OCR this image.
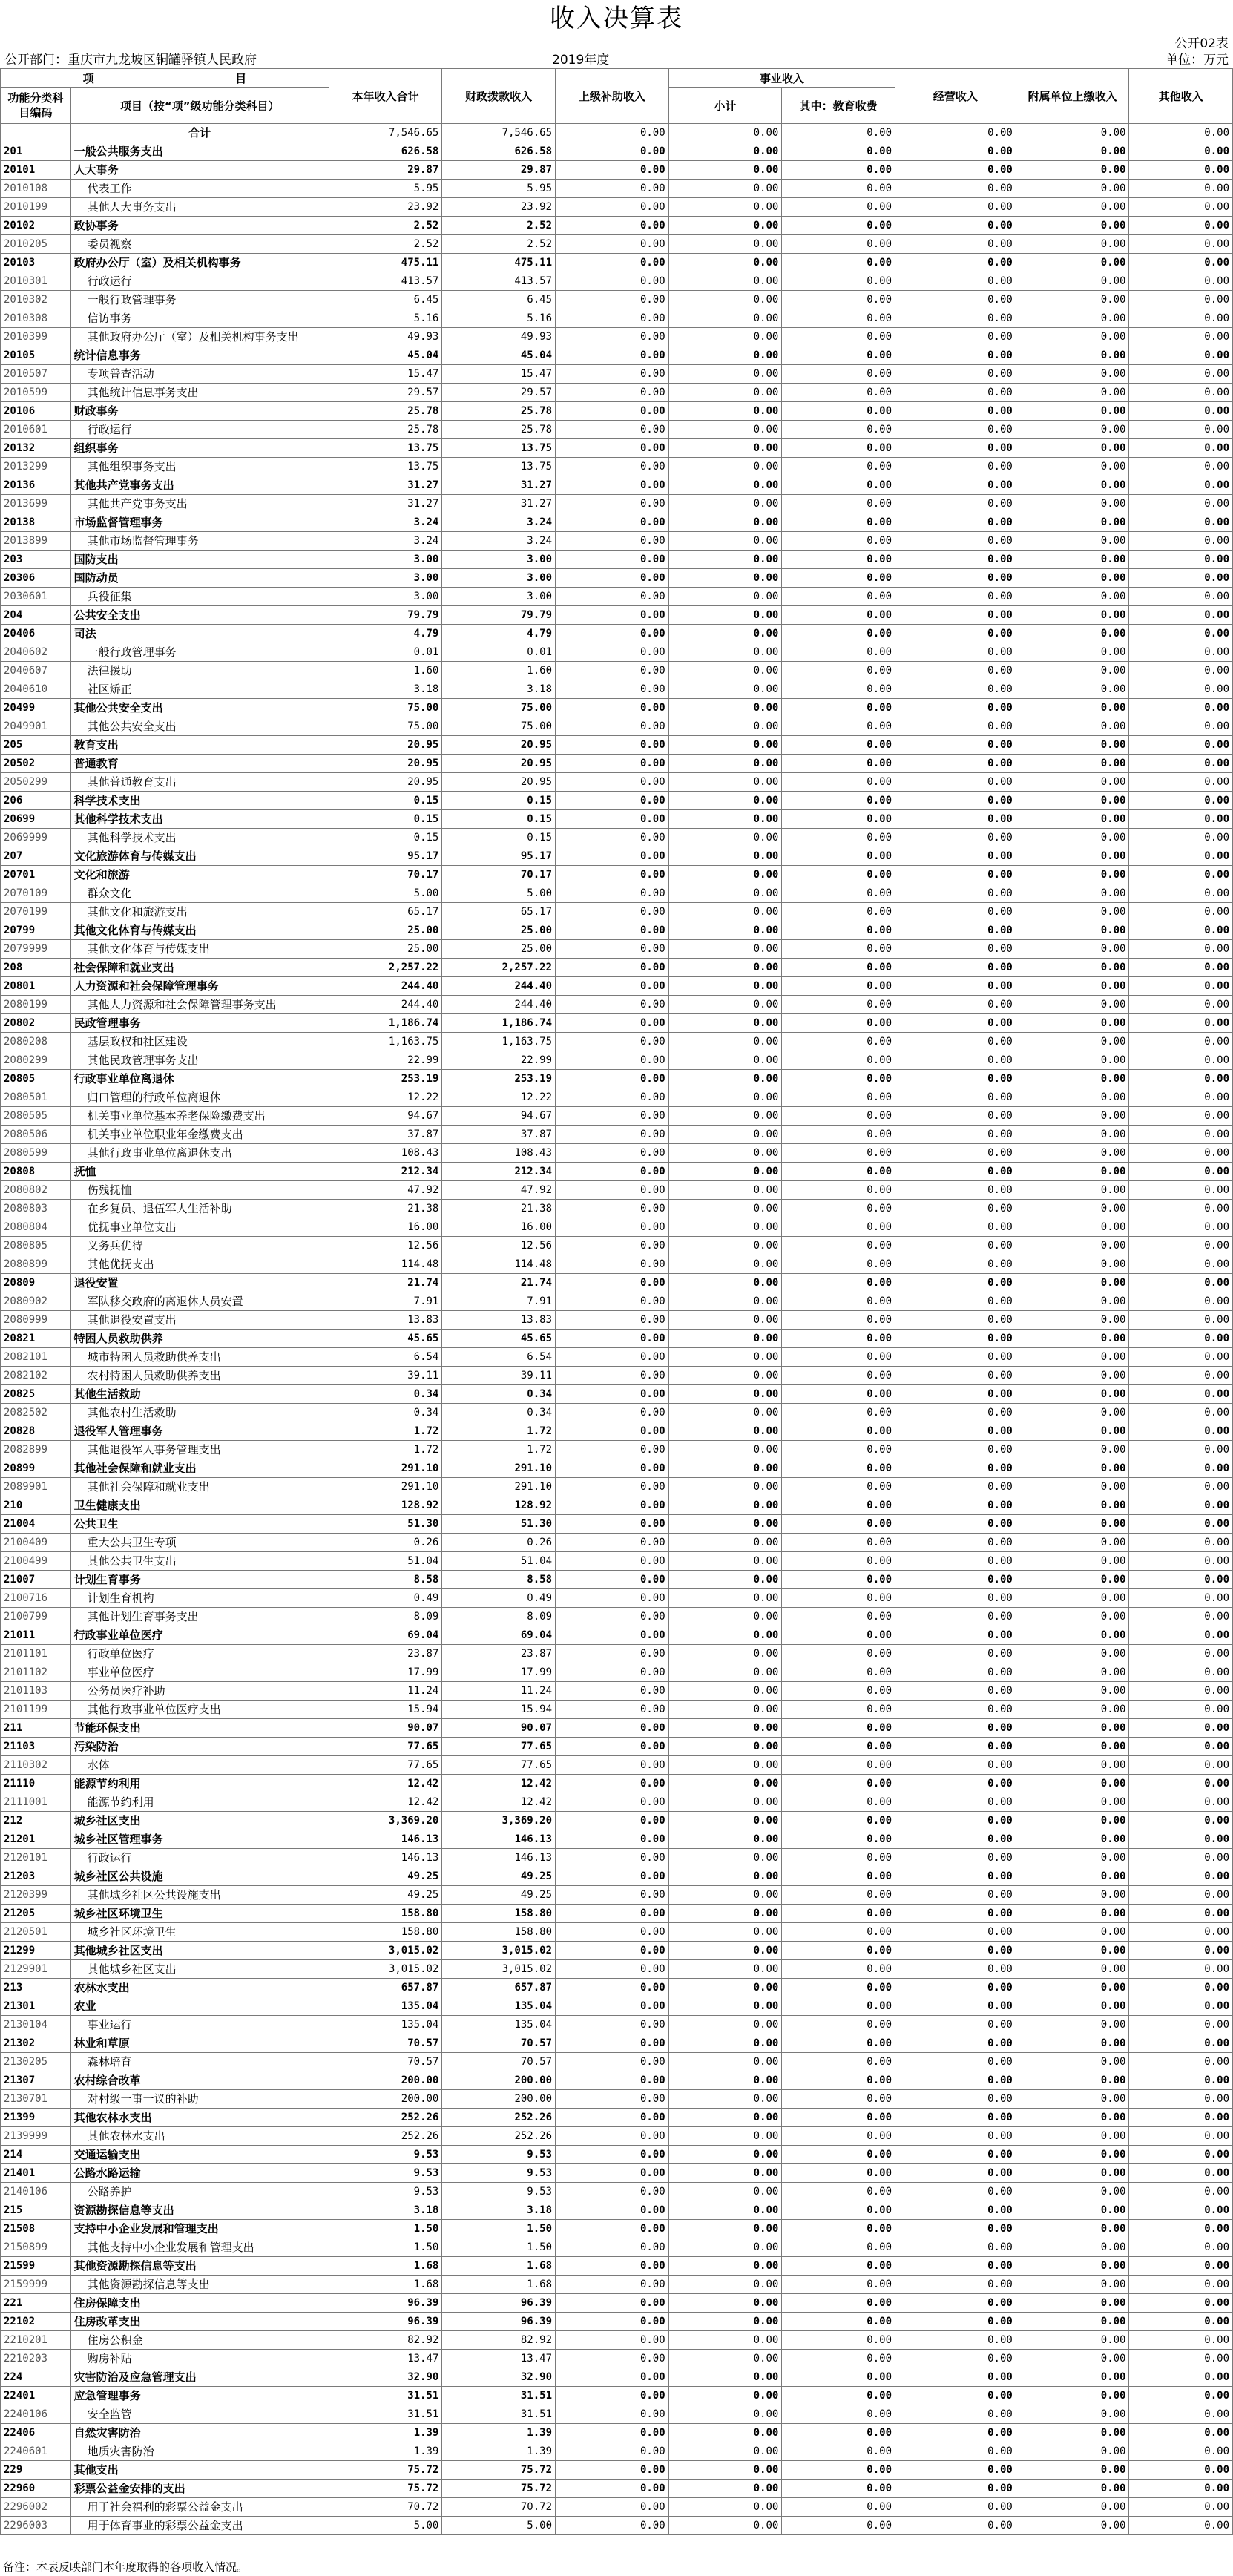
收入决算表
公开02表
公开部门：重庆市九龙坡区铜罐驿镇人民政府	2019年度	单位：万元
项 目		本年收入合计	财政拨款收入	上级补助收入	事业收入		经营收入	附属单位上缴收入	其他收入
功能分类科目编码	项目（按“项”级功能分类科目）								
					小计	其中：教育收费			
	合计	7,546.65	7,546.65	0.00	0.00	0.00	0.00	0.00	0.00
201	一般公共服务支出	626.58	626.58	0.00	0.00	0.00	0.00	0.00	0.00
20101	人大事务	29.87	29.87	0.00	0.00	0.00	0.00	0.00	0.00
2010108	代表工作	5.95	5.95	0.00	0.00	0.00	0.00	0.00	0.00
2010199	其他人大事务支出	23.92	23.92	0.00	0.00	0.00	0.00	0.00	0.00
20102	政协事务	2.52	2.52	0.00	0.00	0.00	0.00	0.00	0.00
2010205	委员视察	2.52	2.52	0.00	0.00	0.00	0.00	0.00	0.00
20103	政府办公厅（室）及相关机构事务	475.11	475.11	0.00	0.00	0.00	0.00	0.00	0.00
2010301	行政运行	413.57	413.57	0.00	0.00	0.00	0.00	0.00	0.00
2010302	一般行政管理事务	6.45	6.45	0.00	0.00	0.00	0.00	0.00	0.00
2010308	信访事务	5.16	5.16	0.00	0.00	0.00	0.00	0.00	0.00
2010399	其他政府办公厅（室）及相关机构事务支出	49.93	49.93	0.00	0.00	0.00	0.00	0.00	0.00
20105	统计信息事务	45.04	45.04	0.00	0.00	0.00	0.00	0.00	0.00
2010507	专项普查活动	15.47	15.47	0.00	0.00	0.00	0.00	0.00	0.00
2010599	其他统计信息事务支出	29.57	29.57	0.00	0.00	0.00	0.00	0.00	0.00
20106	财政事务	25.78	25.78	0.00	0.00	0.00	0.00	0.00	0.00
2010601	行政运行	25.78	25.78	0.00	0.00	0.00	0.00	0.00	0.00
20132	组织事务	13.75	13.75	0.00	0.00	0.00	0.00	0.00	0.00
2013299	其他组织事务支出	13.75	13.75	0.00	0.00	0.00	0.00	0.00	0.00
20136	其他共产党事务支出	31.27	31.27	0.00	0.00	0.00	0.00	0.00	0.00
2013699	其他共产党事务支出	31.27	31.27	0.00	0.00	0.00	0.00	0.00	0.00
20138	市场监督管理事务	3.24	3.24	0.00	0.00	0.00	0.00	0.00	0.00
2013899	其他市场监督管理事务	3.24	3.24	0.00	0.00	0.00	0.00	0.00	0.00
203	国防支出	3.00	3.00	0.00	0.00	0.00	0.00	0.00	0.00
20306	国防动员	3.00	3.00	0.00	0.00	0.00	0.00	0.00	0.00
2030601	兵役征集	3.00	3.00	0.00	0.00	0.00	0.00	0.00	0.00
204	公共安全支出	79.79	79.79	0.00	0.00	0.00	0.00	0.00	0.00
20406	司法	4.79	4.79	0.00	0.00	0.00	0.00	0.00	0.00
2040602	一般行政管理事务	0.01	0.01	0.00	0.00	0.00	0.00	0.00	0.00
2040607	法律援助	1.60	1.60	0.00	0.00	0.00	0.00	0.00	0.00
2040610	社区矫正	3.18	3.18	0.00	0.00	0.00	0.00	0.00	0.00
20499	其他公共安全支出	75.00	75.00	0.00	0.00	0.00	0.00	0.00	0.00
2049901	其他公共安全支出	75.00	75.00	0.00	0.00	0.00	0.00	0.00	0.00
205	教育支出	20.95	20.95	0.00	0.00	0.00	0.00	0.00	0.00
20502	普通教育	20.95	20.95	0.00	0.00	0.00	0.00	0.00	0.00
2050299	其他普通教育支出	20.95	20.95	0.00	0.00	0.00	0.00	0.00	0.00
206	科学技术支出	0.15	0.15	0.00	0.00	0.00	0.00	0.00	0.00
20699	其他科学技术支出	0.15	0.15	0.00	0.00	0.00	0.00	0.00	0.00
2069999	其他科学技术支出	0.15	0.15	0.00	0.00	0.00	0.00	0.00	0.00
207	文化旅游体育与传媒支出	95.17	95.17	0.00	0.00	0.00	0.00	0.00	0.00
20701	文化和旅游	70.17	70.17	0.00	0.00	0.00	0.00	0.00	0.00
2070109	群众文化	5.00	5.00	0.00	0.00	0.00	0.00	0.00	0.00
2070199	其他文化和旅游支出	65.17	65.17	0.00	0.00	0.00	0.00	0.00	0.00
20799	其他文化体育与传媒支出	25.00	25.00	0.00	0.00	0.00	0.00	0.00	0.00
2079999	其他文化体育与传媒支出	25.00	25.00	0.00	0.00	0.00	0.00	0.00	0.00
208	社会保障和就业支出	2,257.22	2,257.22	0.00	0.00	0.00	0.00	0.00	0.00
20801	人力资源和社会保障管理事务	244.40	244.40	0.00	0.00	0.00	0.00	0.00	0.00
2080199	其他人力资源和社会保障管理事务支出	244.40	244.40	0.00	0.00	0.00	0.00	0.00	0.00
20802	民政管理事务	1,186.74	1,186.74	0.00	0.00	0.00	0.00	0.00	0.00
2080208	基层政权和社区建设	1,163.75	1,163.75	0.00	0.00	0.00	0.00	0.00	0.00
2080299	其他民政管理事务支出	22.99	22.99	0.00	0.00	0.00	0.00	0.00	0.00
20805	行政事业单位离退休	253.19	253.19	0.00	0.00	0.00	0.00	0.00	0.00
2080501	归口管理的行政单位离退休	12.22	12.22	0.00	0.00	0.00	0.00	0.00	0.00
2080505	机关事业单位基本养老保险缴费支出	94.67	94.67	0.00	0.00	0.00	0.00	0.00	0.00
2080506	机关事业单位职业年金缴费支出	37.87	37.87	0.00	0.00	0.00	0.00	0.00	0.00
2080599	其他行政事业单位离退休支出	108.43	108.43	0.00	0.00	0.00	0.00	0.00	0.00
20808	抚恤	212.34	212.34	0.00	0.00	0.00	0.00	0.00	0.00
2080802	伤残抚恤	47.92	47.92	0.00	0.00	0.00	0.00	0.00	0.00
2080803	在乡复员、退伍军人生活补助	21.38	21.38	0.00	0.00	0.00	0.00	0.00	0.00
2080804	优抚事业单位支出	16.00	16.00	0.00	0.00	0.00	0.00	0.00	0.00
2080805	义务兵优待	12.56	12.56	0.00	0.00	0.00	0.00	0.00	0.00
2080899	其他优抚支出	114.48	114.48	0.00	0.00	0.00	0.00	0.00	0.00
20809	退役安置	21.74	21.74	0.00	0.00	0.00	0.00	0.00	0.00
2080902	军队移交政府的离退休人员安置	7.91	7.91	0.00	0.00	0.00	0.00	0.00	0.00
2080999	其他退役安置支出	13.83	13.83	0.00	0.00	0.00	0.00	0.00	0.00
20821	特困人员救助供养	45.65	45.65	0.00	0.00	0.00	0.00	0.00	0.00
2082101	城市特困人员救助供养支出	6.54	6.54	0.00	0.00	0.00	0.00	0.00	0.00
2082102	农村特困人员救助供养支出	39.11	39.11	0.00	0.00	0.00	0.00	0.00	0.00
20825	其他生活救助	0.34	0.34	0.00	0.00	0.00	0.00	0.00	0.00
2082502	其他农村生活救助	0.34	0.34	0.00	0.00	0.00	0.00	0.00	0.00
20828	退役军人管理事务	1.72	1.72	0.00	0.00	0.00	0.00	0.00	0.00
2082899	其他退役军人事务管理支出	1.72	1.72	0.00	0.00	0.00	0.00	0.00	0.00
20899	其他社会保障和就业支出	291.10	291.10	0.00	0.00	0.00	0.00	0.00	0.00
2089901	其他社会保障和就业支出	291.10	291.10	0.00	0.00	0.00	0.00	0.00	0.00
210	卫生健康支出	128.92	128.92	0.00	0.00	0.00	0.00	0.00	0.00
21004	公共卫生	51.30	51.30	0.00	0.00	0.00	0.00	0.00	0.00
2100409	重大公共卫生专项	0.26	0.26	0.00	0.00	0.00	0.00	0.00	0.00
2100499	其他公共卫生支出	51.04	51.04	0.00	0.00	0.00	0.00	0.00	0.00
21007	计划生育事务	8.58	8.58	0.00	0.00	0.00	0.00	0.00	0.00
2100716	计划生育机构	0.49	0.49	0.00	0.00	0.00	0.00	0.00	0.00
2100799	其他计划生育事务支出	8.09	8.09	0.00	0.00	0.00	0.00	0.00	0.00
21011	行政事业单位医疗	69.04	69.04	0.00	0.00	0.00	0.00	0.00	0.00
2101101	行政单位医疗	23.87	23.87	0.00	0.00	0.00	0.00	0.00	0.00
2101102	事业单位医疗	17.99	17.99	0.00	0.00	0.00	0.00	0.00	0.00
2101103	公务员医疗补助	11.24	11.24	0.00	0.00	0.00	0.00	0.00	0.00
2101199	其他行政事业单位医疗支出	15.94	15.94	0.00	0.00	0.00	0.00	0.00	0.00
211	节能环保支出	90.07	90.07	0.00	0.00	0.00	0.00	0.00	0.00
21103	污染防治	77.65	77.65	0.00	0.00	0.00	0.00	0.00	0.00
2110302	水体	77.65	77.65	0.00	0.00	0.00	0.00	0.00	0.00
21110	能源节约利用	12.42	12.42	0.00	0.00	0.00	0.00	0.00	0.00
2111001	能源节约利用	12.42	12.42	0.00	0.00	0.00	0.00	0.00	0.00
212	城乡社区支出	3,369.20	3,369.20	0.00	0.00	0.00	0.00	0.00	0.00
21201	城乡社区管理事务	146.13	146.13	0.00	0.00	0.00	0.00	0.00	0.00
2120101	行政运行	146.13	146.13	0.00	0.00	0.00	0.00	0.00	0.00
21203	城乡社区公共设施	49.25	49.25	0.00	0.00	0.00	0.00	0.00	0.00
2120399	其他城乡社区公共设施支出	49.25	49.25	0.00	0.00	0.00	0.00	0.00	0.00
21205	城乡社区环境卫生	158.80	158.80	0.00	0.00	0.00	0.00	0.00	0.00
2120501	城乡社区环境卫生	158.80	158.80	0.00	0.00	0.00	0.00	0.00	0.00
21299	其他城乡社区支出	3,015.02	3,015.02	0.00	0.00	0.00	0.00	0.00	0.00
2129901	其他城乡社区支出	3,015.02	3,015.02	0.00	0.00	0.00	0.00	0.00	0.00
213	农林水支出	657.87	657.87	0.00	0.00	0.00	0.00	0.00	0.00
21301	农业	135.04	135.04	0.00	0.00	0.00	0.00	0.00	0.00
2130104	事业运行	135.04	135.04	0.00	0.00	0.00	0.00	0.00	0.00
21302	林业和草原	70.57	70.57	0.00	0.00	0.00	0.00	0.00	0.00
2130205	森林培育	70.57	70.57	0.00	0.00	0.00	0.00	0.00	0.00
21307	农村综合改革	200.00	200.00	0.00	0.00	0.00	0.00	0.00	0.00
2130701	对村级一事一议的补助	200.00	200.00	0.00	0.00	0.00	0.00	0.00	0.00
21399	其他农林水支出	252.26	252.26	0.00	0.00	0.00	0.00	0.00	0.00
2139999	其他农林水支出	252.26	252.26	0.00	0.00	0.00	0.00	0.00	0.00
214	交通运输支出	9.53	9.53	0.00	0.00	0.00	0.00	0.00	0.00
21401	公路水路运输	9.53	9.53	0.00	0.00	0.00	0.00	0.00	0.00
2140106	公路养护	9.53	9.53	0.00	0.00	0.00	0.00	0.00	0.00
215	资源勘探信息等支出	3.18	3.18	0.00	0.00	0.00	0.00	0.00	0.00
21508	支持中小企业发展和管理支出	1.50	1.50	0.00	0.00	0.00	0.00	0.00	0.00
2150899	其他支持中小企业发展和管理支出	1.50	1.50	0.00	0.00	0.00	0.00	0.00	0.00
21599	其他资源勘探信息等支出	1.68	1.68	0.00	0.00	0.00	0.00	0.00	0.00
2159999	其他资源勘探信息等支出	1.68	1.68	0.00	0.00	0.00	0.00	0.00	0.00
221	住房保障支出	96.39	96.39	0.00	0.00	0.00	0.00	0.00	0.00
22102	住房改革支出	96.39	96.39	0.00	0.00	0.00	0.00	0.00	0.00
2210201	住房公积金	82.92	82.92	0.00	0.00	0.00	0.00	0.00	0.00
2210203	购房补贴	13.47	13.47	0.00	0.00	0.00	0.00	0.00	0.00
224	灾害防治及应急管理支出	32.90	32.90	0.00	0.00	0.00	0.00	0.00	0.00
22401	应急管理事务	31.51	31.51	0.00	0.00	0.00	0.00	0.00	0.00
2240106	安全监管	31.51	31.51	0.00	0.00	0.00	0.00	0.00	0.00
22406	自然灾害防治	1.39	1.39	0.00	0.00	0.00	0.00	0.00	0.00
2240601	地质灾害防治	1.39	1.39	0.00	0.00	0.00	0.00	0.00	0.00
229	其他支出	75.72	75.72	0.00	0.00	0.00	0.00	0.00	0.00
22960	彩票公益金安排的支出	75.72	75.72	0.00	0.00	0.00	0.00	0.00	0.00
2296002	用于社会福利的彩票公益金支出	70.72	70.72	0.00	0.00	0.00	0.00	0.00	0.00
2296003	用于体育事业的彩票公益金支出	5.00	5.00	0.00	0.00	0.00	0.00	0.00	0.00
备注：本表反映部门本年度取得的各项收入情况。
